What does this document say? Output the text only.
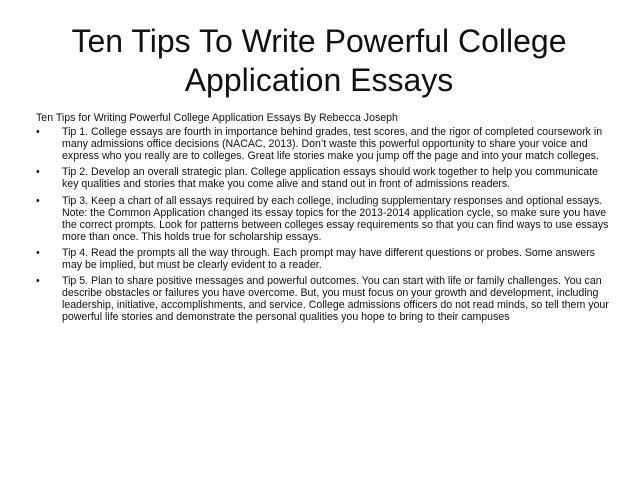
Ten Tips To Write Powerful College
Application Essays

Ten Tips for Writing Powerful College Application Essays By Rebecca Joseph

• Tip 1. College essays are fourth in importance behind grades, test scores, and the rigor of completed coursework in many admissions office decisions (NACAC, 2013). Don’t waste this powerful opportunity to share your voice and express who you really are to colleges. Great life stories make you jump off the page and into your match colleges.
• Tip 2. Develop an overall strategic plan. College application essays should work together to help you communicate key qualities and stories that make you come alive and stand out in front of admissions readers.
• Tip 3. Keep a chart of all essays required by each college, including supplementary responses and optional essays. Note: the Common Application changed its essay topics for the 2013-2014 application cycle, so make sure you have the correct prompts. Look for patterns between colleges essay requirements so that you can find ways to use essays more than once. This holds true for scholarship essays.
• Tip 4. Read the prompts all the way through. Each prompt may have different questions or probes. Some answers may be implied, but must be clearly evident to a reader.
• Tip 5. Plan to share positive messages and powerful outcomes. You can start with life or family challenges. You can describe obstacles or failures you have overcome. But, you must focus on your growth and development, including leadership, initiative, accomplishments, and service. College admissions officers do not read minds, so tell them your powerful life stories and demonstrate the personal qualities you hope to bring to their campuses
